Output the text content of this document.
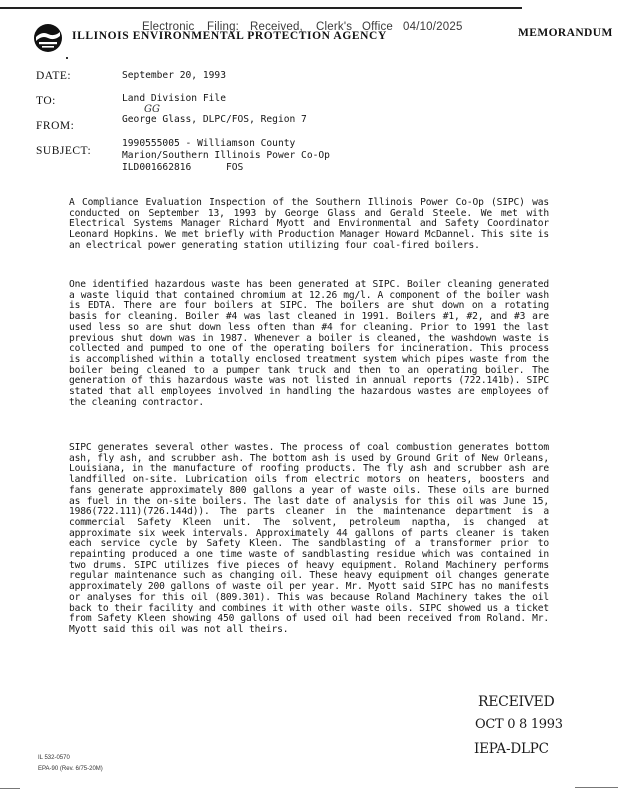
Electronic Filing: Received, Clerk's Office 04/10/2025
ILLINOIS ENVIRONMENTAL PROTECTION AGENCY	MEMORANDUM
DATE:	September 20, 1993
TO:	Land Division File
GG
FROM:
George Glass, DLPC/FOS, Region 7
SUBJECT:
1990555005 - Williamson County
Marion/Southern Illinois Power Co-Op
ILD001662816      FOS
A Compliance Evaluation Inspection of the Southern Illinois Power Co-Op (SIPC) was conducted on September 13, 1993 by George Glass and Gerald Steele. We met with Electrical Systems Manager Richard Myott and Environmental and Safety Coordinator Leonard Hopkins. We met briefly with Production Manager Howard McDannel. This site is an electrical power generating station utilizing four coal-fired boilers.
One identified hazardous waste has been generated at SIPC. Boiler cleaning generated a waste liquid that contained chromium at 12.26 mg/l. A component of the boiler wash is EDTA. There are four boilers at SIPC. The boilers are shut down on a rotating basis for cleaning. Boiler #4 was last cleaned in 1991. Boilers #1, #2, and #3 are used less so are shut down less often than #4 for cleaning. Prior to 1991 the last previous shut down was in 1987. Whenever a boiler is cleaned, the washdown waste is collected and pumped to one of the operating boilers for incineration. This process is accomplished within a totally enclosed treatment system which pipes waste from the boiler being cleaned to a pumper tank truck and then to an operating boiler. The generation of this hazardous waste was not listed in annual reports (722.141b). SIPC stated that all employees involved in handling the hazardous wastes are employees of the cleaning contractor.
SIPC generates several other wastes. The process of coal combustion generates bottom ash, fly ash, and scrubber ash. The bottom ash is used by Ground Grit of New Orleans, Louisiana, in the manufacture of roofing products. The fly ash and scrubber ash are landfilled on-site. Lubrication oils from electric motors on heaters, boosters and fans generate approximately 800 gallons a year of waste oils. These oils are burned as fuel in the on-site boilers. The last date of analysis for this oil was June 15, 1986(722.111)(726.144d)). The parts cleaner in the maintenance department is a commercial Safety Kleen unit. The solvent, petroleum naptha, is changed at approximate six week intervals. Approximately 44 gallons of parts cleaner is taken each service cycle by Safety Kleen. The sandblasting of a transformer prior to repainting produced a one time waste of sandblasting residue which was contained in two drums. SIPC utilizes five pieces of heavy equipment. Roland Machinery performs regular maintenance such as changing oil. These heavy equipment oil changes generate approximately 200 gallons of waste oil per year. Mr. Myott said SIPC has no manifests or analyses for this oil (809.301). This was because Roland Machinery takes the oil back to their facility and combines it with other waste oils. SIPC showed us a ticket from Safety Kleen showing 450 gallons of used oil had been received from Roland. Mr. Myott said this oil was not all theirs.
RECEIVED
OCT 0 8 1993
IEPA-DLPC
IL 532-0570
EPA-90 (Rev. 6/75-20M)
